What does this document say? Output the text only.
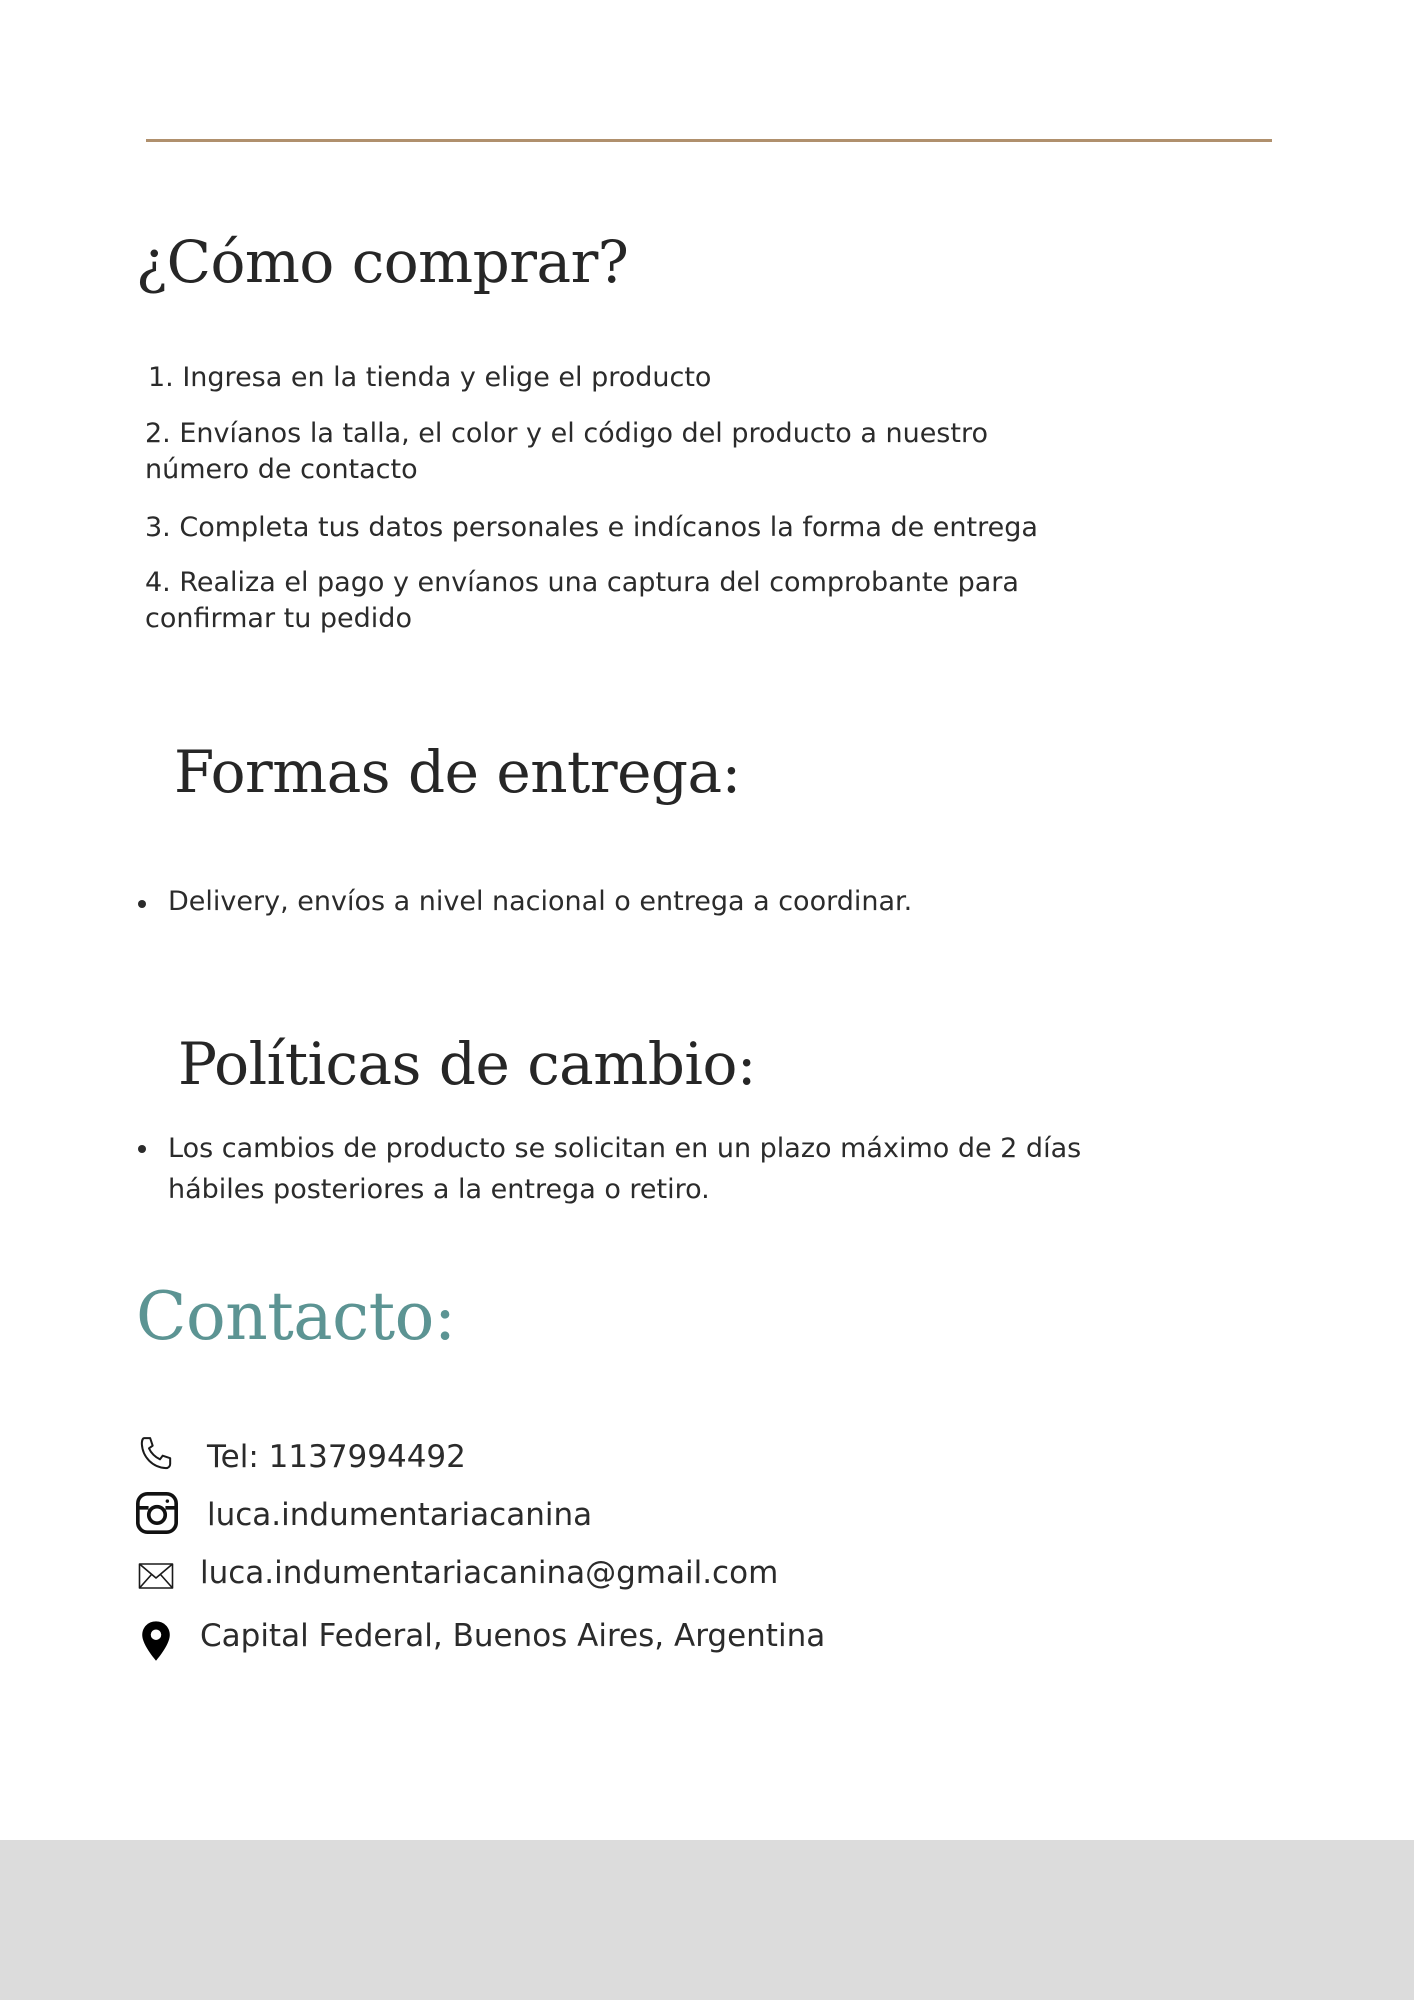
¿Cómo comprar?

1. Ingresa en la tienda y elige el producto

2. Envíanos la talla, el color y el código del producto a nuestro número de contacto

3. Completa tus datos personales e indícanos la forma de entrega

4. Realiza el pago y envíanos una captura del comprobante para confirmar tu pedido

Formas de entrega:

Delivery, envíos a nivel nacional o entrega a coordinar.

Políticas de cambio:

Los cambios de producto se solicitan en un plazo máximo de 2 días hábiles posteriores a la entrega o retiro.

Contacto:
Tel: 1137994492
luca.indumentariacanina
luca.indumentariacanina@gmail.com
Capital Federal, Buenos Aires, Argentina
